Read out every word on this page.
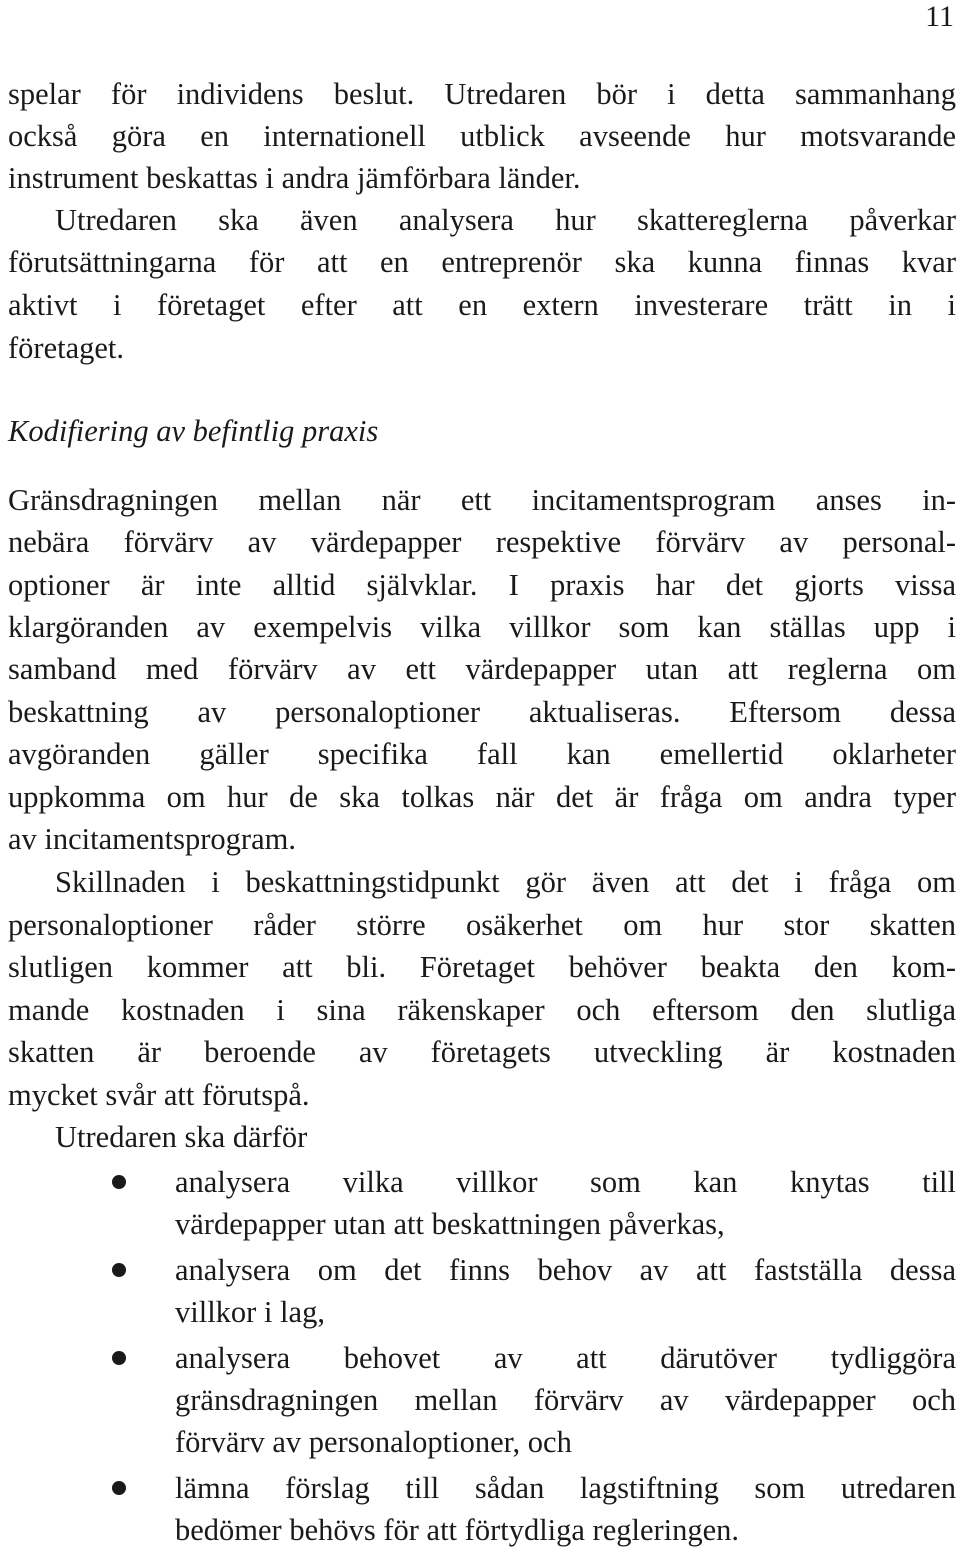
11
spelar för individens beslut. Utredaren bör i detta sammanhang
också göra en internationell utblick avseende hur motsvarande
instrument beskattas i andra jämförbara länder.
Utredaren ska även analysera hur skattereglerna påverkar
förutsättningarna för att en entreprenör ska kunna finnas kvar
aktivt i företaget efter att en extern investerare trätt in i
företaget.
Kodifiering av befintlig praxis
Gränsdragningen mellan när ett incitamentsprogram anses in-
nebära förvärv av värdepapper respektive förvärv av personal-
optioner är inte alltid självklar. I praxis har det gjorts vissa
klargöranden av exempelvis vilka villkor som kan ställas upp i
samband med förvärv av ett värdepapper utan att reglerna om
beskattning av personaloptioner aktualiseras. Eftersom dessa
avgöranden gäller specifika fall kan emellertid oklarheter
uppkomma om hur de ska tolkas när det är fråga om andra typer
av incitamentsprogram.
Skillnaden i beskattningstidpunkt gör även att det i fråga om
personaloptioner råder större osäkerhet om hur stor skatten
slutligen kommer att bli. Företaget behöver beakta den kom-
mande kostnaden i sina räkenskaper och eftersom den slutliga
skatten är beroende av företagets utveckling är kostnaden
mycket svår att förutspå.
Utredaren ska därför
analysera vilka villkor som kan knytas till
värdepapper utan att beskattningen påverkas,
analysera om det finns behov av att fastställa dessa
villkor i lag,
analysera behovet av att därutöver tydliggöra
gränsdragningen mellan förvärv av värdepapper och
förvärv av personaloptioner, och
lämna förslag till sådan lagstiftning som utredaren
bedömer behövs för att förtydliga regleringen.
